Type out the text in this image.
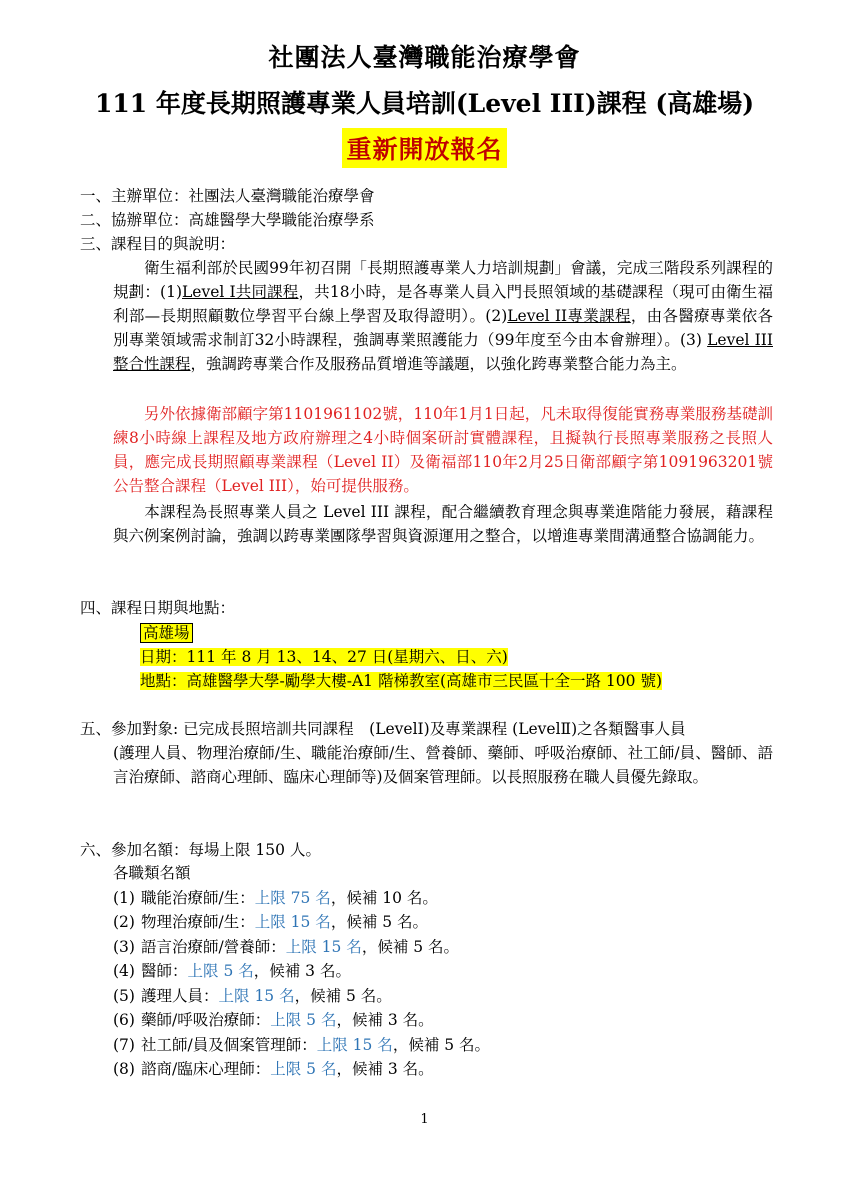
社團法人臺灣職能治療學會
111 年度長期照護專業人員培訓(Level III)課程 (高雄場)
重新開放報名
一、主辦單位：社團法人臺灣職能治療學會
二、協辦單位：高雄醫學大學職能治療學系
三、課程目的與說明：
衛生福利部於民國99年初召開「長期照護專業人力培訓規劃」會議，完成三階段系列課程的規劃：(1)Level I共同課程，共18小時，是各專業人員入門長照領域的基礎課程（現可由衛生福利部—長期照顧數位學習平台線上學習及取得證明）。(2)Level II專業課程，由各醫療專業依各別專業領域需求制訂32小時課程，強調專業照護能力（99年度至今由本會辦理）。(3) Level III整合性課程，強調跨專業合作及服務品質增進等議題，以強化跨專業整合能力為主。
另外依據衛部顧字第1101961102號，110年1月1日起，凡未取得復能實務專業服務基礎訓練8小時線上課程及地方政府辦理之4小時個案研討實體課程，且擬執行長照專業服務之長照人員，應完成長期照顧專業課程（Level II）及衛福部110年2月25日衛部顧字第1091963201號公告整合課程（Level III），始可提供服務。
本課程為長照專業人員之 Level III 課程，配合繼續教育理念與專業進階能力發展，藉課程與六例案例討論，強調以跨專業團隊學習與資源運用之整合，以增進專業間溝通整合協調能力。
四、課程日期與地點：
高雄場
日期：111 年 8 月 13、14、27 日(星期六、日、六)
地點：高雄醫學大學-勵學大樓-A1 階梯教室(高雄市三民區十全一路 100 號)
五、參加對象: 已完成長照培訓共同課程　(LevelⅠ)及專業課程 (LevelⅡ)之各類醫事人員
(護理人員、物理治療師/生、職能治療師/生、營養師、藥師、呼吸治療師、社工師/員、醫師、語言治療師、諮商心理師、臨床心理師等)及個案管理師。以長照服務在職人員優先錄取。
六、參加名額：每場上限 150 人。
各職類名額
(1) 職能治療師/生：上限 75 名，候補 10 名。
(2) 物理治療師/生：上限 15 名，候補 5 名。
(3) 語言治療師/營養師：上限 15 名，候補 5 名。
(4) 醫師：上限 5 名，候補 3 名。
(5) 護理人員：上限 15 名，候補 5 名。
(6) 藥師/呼吸治療師：上限 5 名，候補 3 名。
(7) 社工師/員及個案管理師：上限 15 名，候補 5 名。
(8) 諮商/臨床心理師：上限 5 名，候補 3 名。
1
